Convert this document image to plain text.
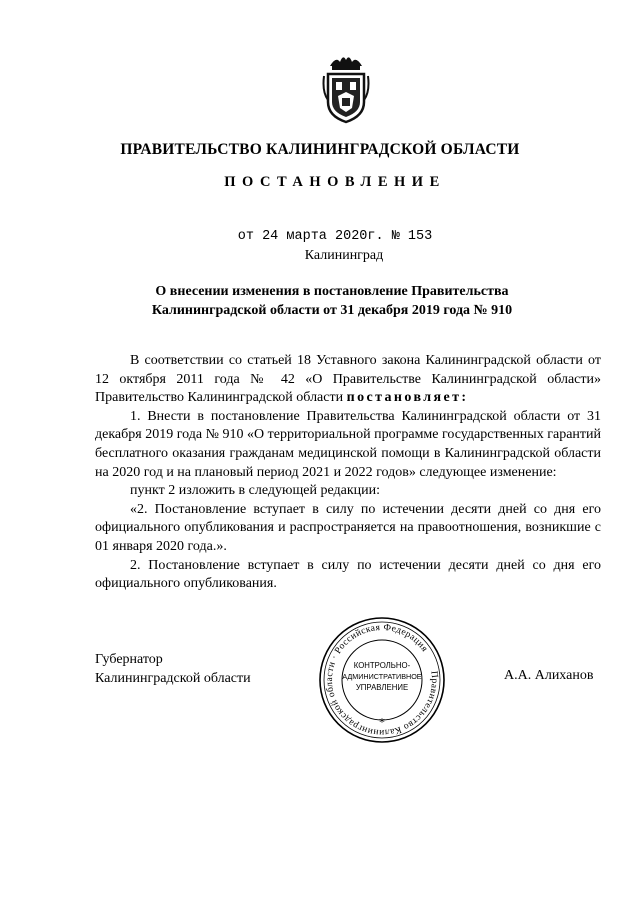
ПРАВИТЕЛЬСТВО КАЛИНИНГРАДСКОЙ ОБЛАСТИ
ПОСТАНОВЛЕНИЕ
от 24 марта 2020г. № 153
Калининград
О внесении изменения в постановление Правительства
Калининградской области от 31 декабря 2019 года № 910

В соответствии со статьей 18 Уставного закона Калининградской области от 12 октября 2011 года № 42 «О Правительстве Калининградской области» Правительство Калининградской области постановляет:

1. Внести в постановление Правительства Калининградской области от 31 декабря 2019 года № 910 «О территориальной программе государственных гарантий бесплатного оказания гражданам медицинской помощи в Калининградской области на 2020 год и на плановый период 2021 и 2022 годов» следующее изменение:

пункт 2 изложить в следующей редакции:

«2. Постановление вступает в силу по истечении десяти дней со дня его официального опубликования и распространяется на правоотношения, возникшие с 01 января 2020 года.».

2. Постановление вступает в силу по истечении десяти дней со дня его официального опубликования.

Губернатор
Калининградской области	А.А. Алиханов
Правительство Калининградской области · Российская Федерация
КОНТРОЛЬНО-
АДМИНИСТРАТИВНОЕ
УПРАВЛЕНИЕ
*
